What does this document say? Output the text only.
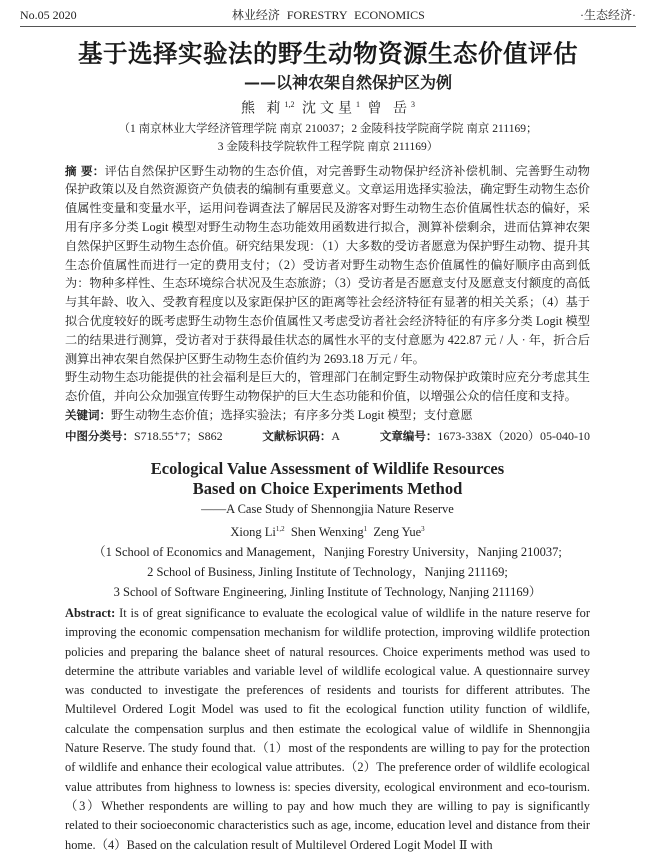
No.05 2020	林业经济 FORESTRY ECONOMICS	·生态经济·
基于选择实验法的野生动物资源生态价值评估
——以神农架自然保护区为例
熊 莉$^{1,2}$ 沈文星$^1$ 曾 岳$^3$
（1 南京林业大学经济管理学院 南京 210037；2 金陵科技学院商学院 南京 211169；
3 金陵科技学院软件工程学院 南京 211169）
摘 要：评估自然保护区野生动物的生态价值，对完善野生动物保护经济补偿机制、完善野生动物保护政策以及自然资源资产负债表的编制有重要意义。文章运用选择实验法，确定野生动物生态价值属性变量和变量水平，运用问卷调查法了解居民及游客对野生动物生态价值属性状态的偏好，采用有序多分类 Logit 模型对野生动物生态功能效用函数进行拟合，测算补偿剩余，进而估算神农架自然保护区野生动物生态价值。研究结果发现：（1）大多数的受访者愿意为保护野生动物、提升其生态价值属性而进行一定的费用支付；（2）受访者对野生动物生态价值属性的偏好顺序由高到低为：物种多样性、生态环境综合状况及生态旅游；（3）受访者是否愿意支付及愿意支付额度的高低与其年龄、收入、受教育程度以及家距保护区的距离等社会经济特征有显著的相关关系；（4）基于拟合优度较好的既考虑野生动物生态价值属性又考虑受访者社会经济特征的有序多分类 Logit 模型二的结果进行测算，受访者对于获得最佳状态的属性水平的支付意愿为 422.87 元 / 人 · 年，折合后测算出神农架自然保护区野生动物生态价值约为 2693.18 万元 / 年。
野生动物生态功能提供的社会福利是巨大的，管理部门在制定野生动物保护政策时应充分考虑其生态价值，并向公众加强宣传野生动物保护的巨大生态功能和价值，以增强公众的信任度和支持。
关键词：野生动物生态价值；选择实验法；有序多分类 Logit 模型；支付意愿
中图分类号：S718.55⁺7；S862	文献标识码：A	文章编号：1673-338X（2020）05-040-10
Ecological Value Assessment of Wildlife Resources
Based on Choice Experiments Method
——A Case Study of Shennongjia Nature Reserve
Xiong Li$^{1,2}$ Shen Wenxing$^1$ Zeng Yue$^3$
（1 School of Economics and Management，Nanjing Forestry University，Nanjing 210037;
2 School of Business, Jinling Institute of Technology，Nanjing 211169;
3 School of Software Engineering, Jinling Institute of Technology, Nanjing 211169）
Abstract: It is of great significance to evaluate the ecological value of wildlife in the nature reserve for improving the economic compensation mechanism for wildlife protection, improving wildlife protection policies and preparing the balance sheet of natural resources. Choice experiments method was used to determine the attribute variables and variable level of wildlife ecological value. A questionnaire survey was conducted to investigate the preferences of residents and tourists for different attributes. The Multilevel Ordered Logit Model was used to fit the ecological function utility function of wildlife, calculate the compensation surplus and then estimate the ecological value of wildlife in Shennongjia Nature Reserve. The study found that.（1）most of the respondents are willing to pay for the protection of wildlife and enhance their ecological value attributes.（2）The preference order of wildlife ecological value attributes from highness to lowness is: species diversity, ecological environment and eco-tourism.（3）Whether respondents are willing to pay and how much they are willing to pay is significantly related to their socioeconomic characteristics such as age, income, education level and distance from their home.（4）Based on the calculation result of Multilevel Ordered Logit Model Ⅱ with
